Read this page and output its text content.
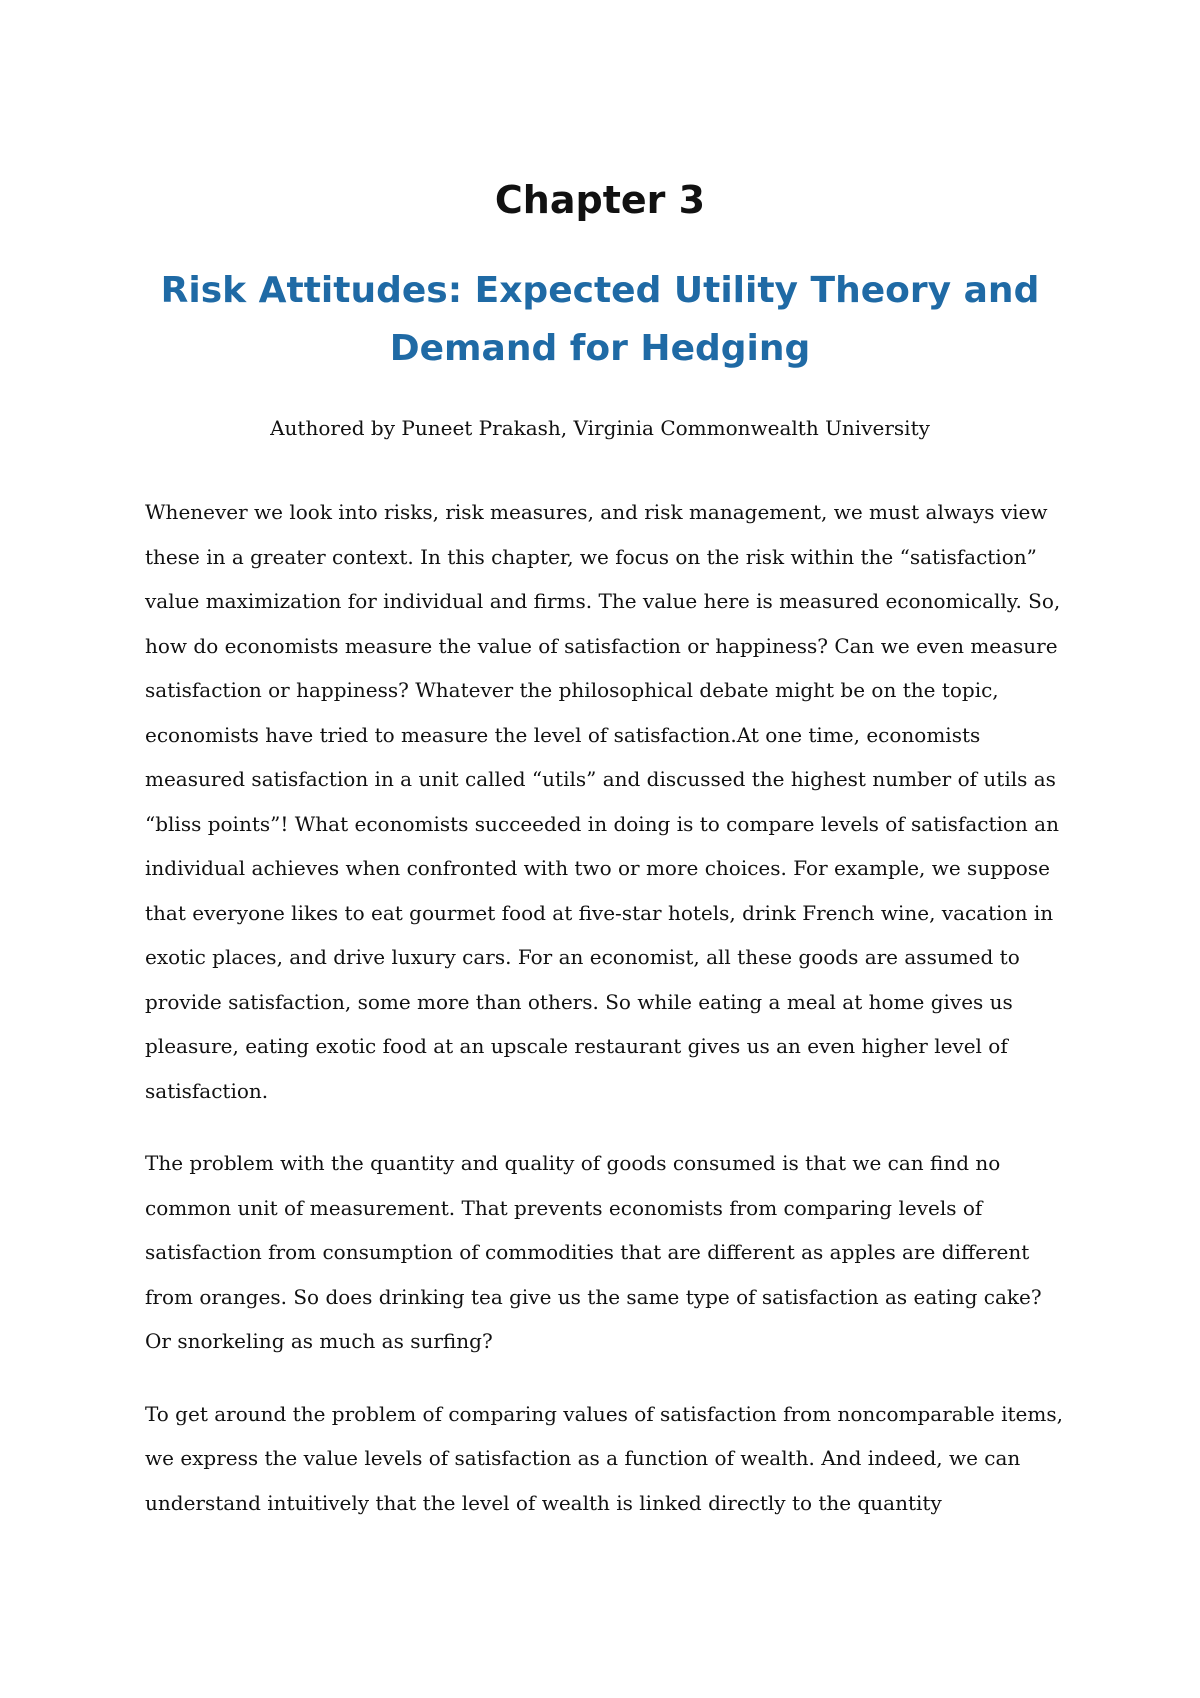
Chapter 3
Risk Attitudes: Expected Utility Theory and Demand for Hedging

Authored by Puneet Prakash, Virginia Commonwealth University

Whenever we look into risks, risk measures, and risk management, we must always view these in a greater context. In this chapter, we focus on the risk within the “satisfaction” value maximization for individual and firms. The value here is measured economically. So, how do economists measure the value of satisfaction or happiness? Can we even measure satisfaction or happiness? Whatever the philosophical debate might be on the topic, economists have tried to measure the level of satisfaction.At one time, economists measured satisfaction in a unit called “utils” and discussed the highest number of utils as “bliss points”! What economists succeeded in doing is to compare levels of satisfaction an individual achieves when confronted with two or more choices. For example, we suppose that everyone likes to eat gourmet food at five-star hotels, drink French wine, vacation in exotic places, and drive luxury cars. For an economist, all these goods are assumed to provide satisfaction, some more than others. So while eating a meal at home gives us pleasure, eating exotic food at an upscale restaurant gives us an even higher level of satisfaction.

The problem with the quantity and quality of goods consumed is that we can find no common unit of measurement. That prevents economists from comparing levels of satisfaction from consumption of commodities that are different as apples are different from oranges. So does drinking tea give us the same type of satisfaction as eating cake? Or snorkeling as much as surfing?

To get around the problem of comparing values of satisfaction from noncomparable items, we express the value levels of satisfaction as a function of wealth. And indeed, we can understand intuitively that the level of wealth is linked directly to the quantity
